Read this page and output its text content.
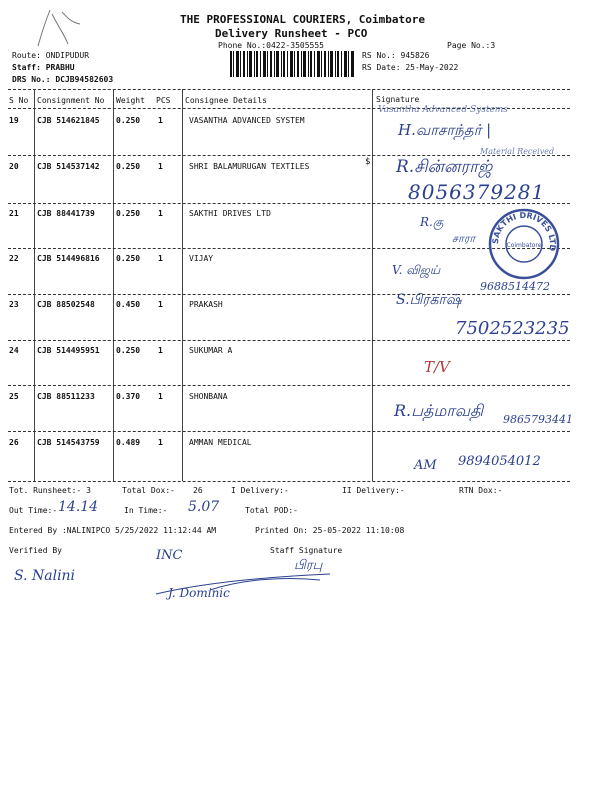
THE PROFESSIONAL COURIERS, Coimbatore
Delivery Runsheet - PCO
Phone No.:0422-3505555	Page No.:3
Route: ONDIPUDUR
Staff: PRABHU
DRS No.: DCJB94582603
RS No.: 945826
RS Date: 25-May-2022
S No Consignment No Weight PCS Consignee Details	Signature
19 CJB 514621845 0.250 1	VASANTHA ADVANCED SYSTEM
20 CJB 514537142 0.250 1	SHRI BALAMURUGAN TEXTILES
21 CJB 88441739	0.250 1	SAKTHI DRIVES LTD
22 CJB 514496816 0.250 1	VIJAY
23 CJB 88502548	0.450 1	PRAKASH
24 CJB 514495951 0.250 1	SUKUMAR A
25 CJB 88511233	0.370 1	SHONBANA
26 CJB 514543759 0.489 1	AMMAN MEDICAL
Vasantha Advanced Systems
H.வாசாந்தர் |
Material Received
$ R.சின்னராஜ்
8056379281
R.கு
சாரா SAKTHI DRIVES LTD
Coimbatore
V. விஜய்
9688514472
S.பிரகாஷ்
7502523235
T/V
R.பத்மாவதி 9865793441
AM 9894054012
Tot. Runsheet:- 3	Total Dox:- 26	I Delivery:-	II Delivery:-	RTN Dox:-
Out Time:- 14.14	In Time:- 5.07	Total POD:-
Entered By :NALINIPCO 5/25/2022 11:12:44 AM	Printed On: 25-05-2022 11:10:08
Verified By	Staff Signature
S. Nalini
INC
J. Dominic
பிரபு
